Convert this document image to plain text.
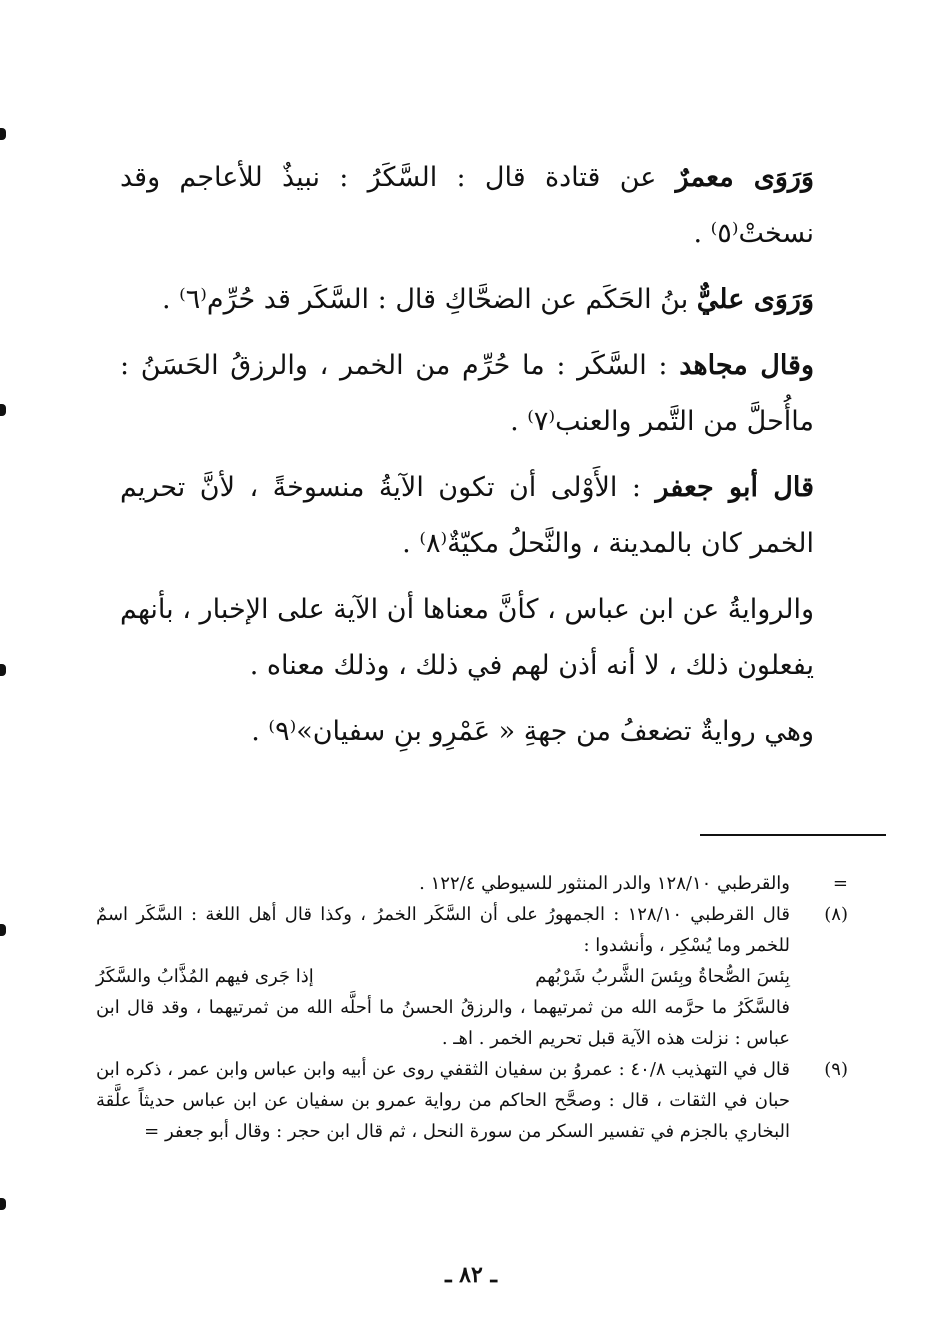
وَرَوَى معمرٌ عن قتادة قال : السَّكَرُ : نبيذٌ للأعاجم وقد نسختْ⁽٥⁾ .

وَرَوَى عليٌّ بنُ الحَكَم عن الضحَّاكِ قال : السَّكَر قد حُرِّم⁽٦⁾ .

وقال مجاهد : السَّكَر : ما حُرِّم من الخمر ، والرزقُ الحَسَنُ : ماأُحلَّ من التَّمر والعنب⁽٧⁾ .

قال أبو جعفر : الأَوْلى أن تكون الآيةُ منسوخةً ، لأنَّ تحريم الخمر كان بالمدينة ، والنَّحلُ مكيّةٌ⁽٨⁾ .

والروايةُ عن ابن عباس ، كأنَّ معناها أن الآية على الإخبار ، بأنهم يفعلون ذلك ، لا أنه أذن لهم في ذلك ، وذلك معناه .

وهي روايةٌ تضعفُ من جهةِ « عَمْرِو بنِ سفيان»⁽٩⁾ .

=
والقرطبي ١٢٨/١٠ والدر المنثور للسيوطي ١٢٢/٤ .
(٨)
قال القرطبي ١٢٨/١٠ : الجمهورُ على أن السَّكَر الخمرُ ، وكذا قال أهل اللغة : السَّكَر اسمٌ للخمر وما يُسْكِر ، وأنشدوا :
بِئسَ الصُّحاةُ وبِئسَ الشَّربُ شَرْبُهم
إذا جَرى فيهم المُذَّابُ والسَّكَرُ
فالسَّكَرُ ما حرَّمه الله من ثمرتيهما ، والرزقُ الحسنُ ما أحلَّه الله من ثمرتيهما ، وقد قال ابن عباس : نزلت هذه الآية قبل تحريم الخمر . اهـ .
(٩)
قال في التهذيب ٤٠/٨ : عمروُ بن سفيان الثقفي روى عن أبيه وابن عباس وابن عمر ، ذكره ابن حبان في الثقات ، قال : وصحَّح الحاكم من رواية عمرو بن سفيان عن ابن عباس حديثاً علَّقة البخاري بالجزم في تفسير السكر من سورة النحل ، ثم قال ابن حجر : وقال أبو جعفر =
ـ ٨٢ ـ
